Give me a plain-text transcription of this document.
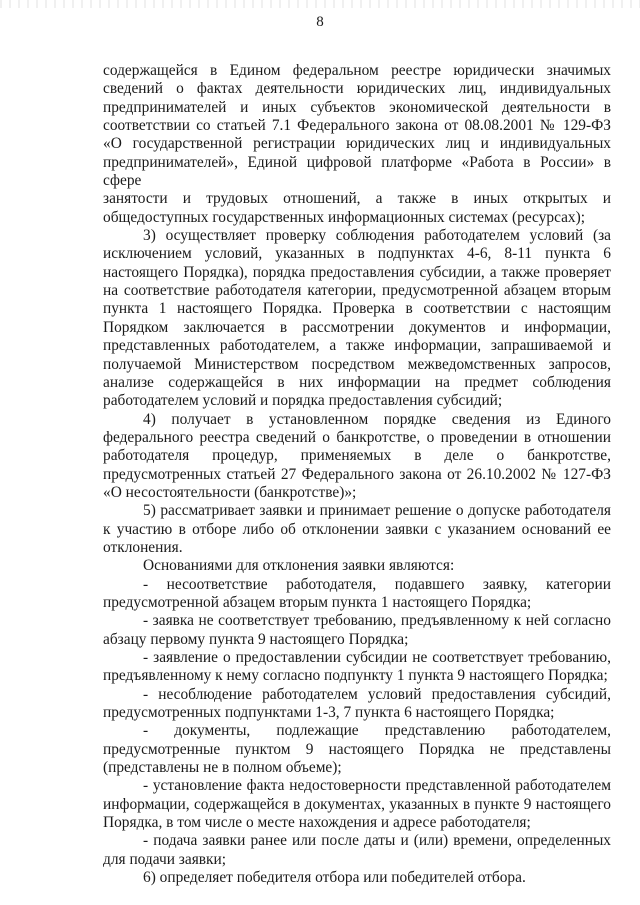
8

содержащейся в Едином федеральном реестре юридически значимых
сведений о фактах деятельности юридических лиц, индивидуальных
предпринимателей и иных субъектов экономической деятельности в
соответствии со статьей 7.1 Федерального закона от 08.08.2001 № 129-ФЗ
«О государственной регистрации юридических лиц и индивидуальных
предпринимателей», Единой цифровой платформе «Работа в России» в сфере
занятости и трудовых отношений, а также в иных открытых и
общедоступных государственных информационных системах (ресурсах);

3) осуществляет проверку соблюдения работодателем условий (за
исключением условий, указанных в подпунктах 4-6, 8-11 пункта 6
настоящего Порядка), порядка предоставления субсидии, а также проверяет
на соответствие работодателя категории, предусмотренной абзацем вторым
пункта 1 настоящего Порядка. Проверка в соответствии с настоящим
Порядком заключается в рассмотрении документов и информации,
представленных работодателем, а также информации, запрашиваемой и
получаемой Министерством посредством межведомственных запросов,
анализе содержащейся в них информации на предмет соблюдения
работодателем условий и порядка предоставления субсидий;

4) получает в установленном порядке сведения из Единого
федерального реестра сведений о банкротстве, о проведении в отношении
работодателя процедур, применяемых в деле о банкротстве,
предусмотренных статьей 27 Федерального закона от 26.10.2002 № 127-ФЗ
«О несостоятельности (банкротстве)»;

5) рассматривает заявки и принимает решение о допуске работодателя
к участию в отборе либо об отклонении заявки с указанием оснований ее
отклонения.

Основаниями для отклонения заявки являются:

- несоответствие работодателя, подавшего заявку, категории
предусмотренной абзацем вторым пункта 1 настоящего Порядка;

- заявка не соответствует требованию, предъявленному к ней согласно
абзацу первому пункта 9 настоящего Порядка;

- заявление о предоставлении субсидии не соответствует требованию,
предъявленному к нему согласно подпункту 1 пункта 9 настоящего Порядка;

- несоблюдение работодателем условий предоставления субсидий,
предусмотренных подпунктами 1-3, 7 пункта 6 настоящего Порядка;

- документы, подлежащие представлению работодателем,
предусмотренные пунктом 9 настоящего Порядка не представлены
(представлены не в полном объеме);

- установление факта недостоверности представленной работодателем
информации, содержащейся в документах, указанных в пункте 9 настоящего
Порядка, в том числе о месте нахождения и адресе работодателя;

- подача заявки ранее или после даты и (или) времени, определенных
для подачи заявки;

6) определяет победителя отбора или победителей отбора.
